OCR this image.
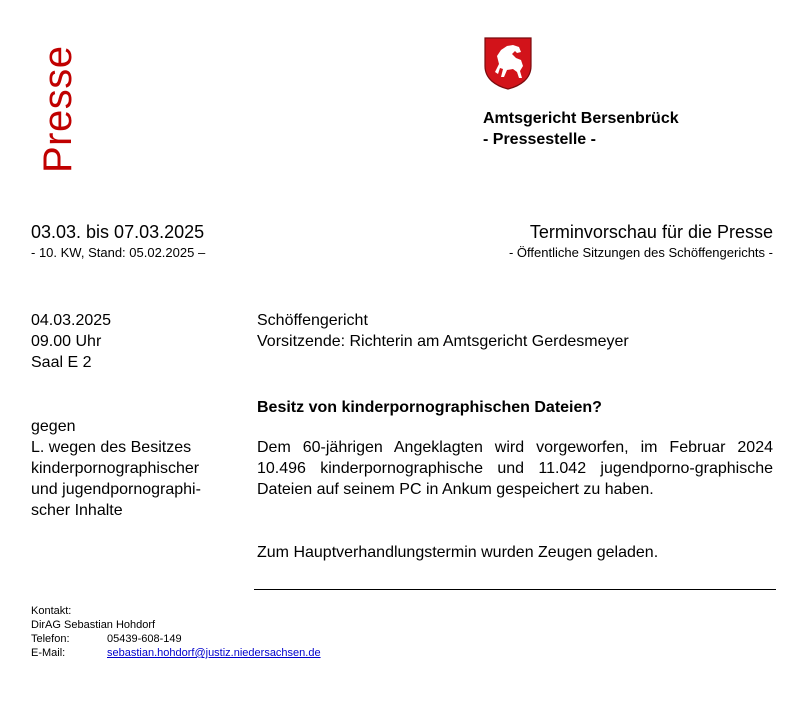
Presse	Amtsgericht Bersenbrück
- Pressestelle -
03.03. bis 07.03.2025
- 10. KW, Stand: 05.02.2025 –
Terminvorschau für die Presse
- Öffentliche Sitzungen des Schöffengerichts -
04.03.2025
09.00 Uhr
Saal E 2
Schöffengericht
Vorsitzende: Richterin am Amtsgericht Gerdesmeyer
gegen
L. wegen des Besitzes
kinderpornographischer
und jugendpornographi-
scher Inhalte
Besitz von kinderpornographischen Dateien?
Dem 60-jährigen Angeklagten wird vorgeworfen, im Februar 2024 10.496 kinderpornographische und 11.042 jugendporno-graphische Dateien auf seinem PC in Ankum gespeichert zu haben.
Zum Hauptverhandlungstermin wurden Zeugen geladen.
Kontakt:
DirAG Sebastian Hohdorf
Telefon:	05439-608-149
E-Mail:	sebastian.hohdorf@justiz.niedersachsen.de
